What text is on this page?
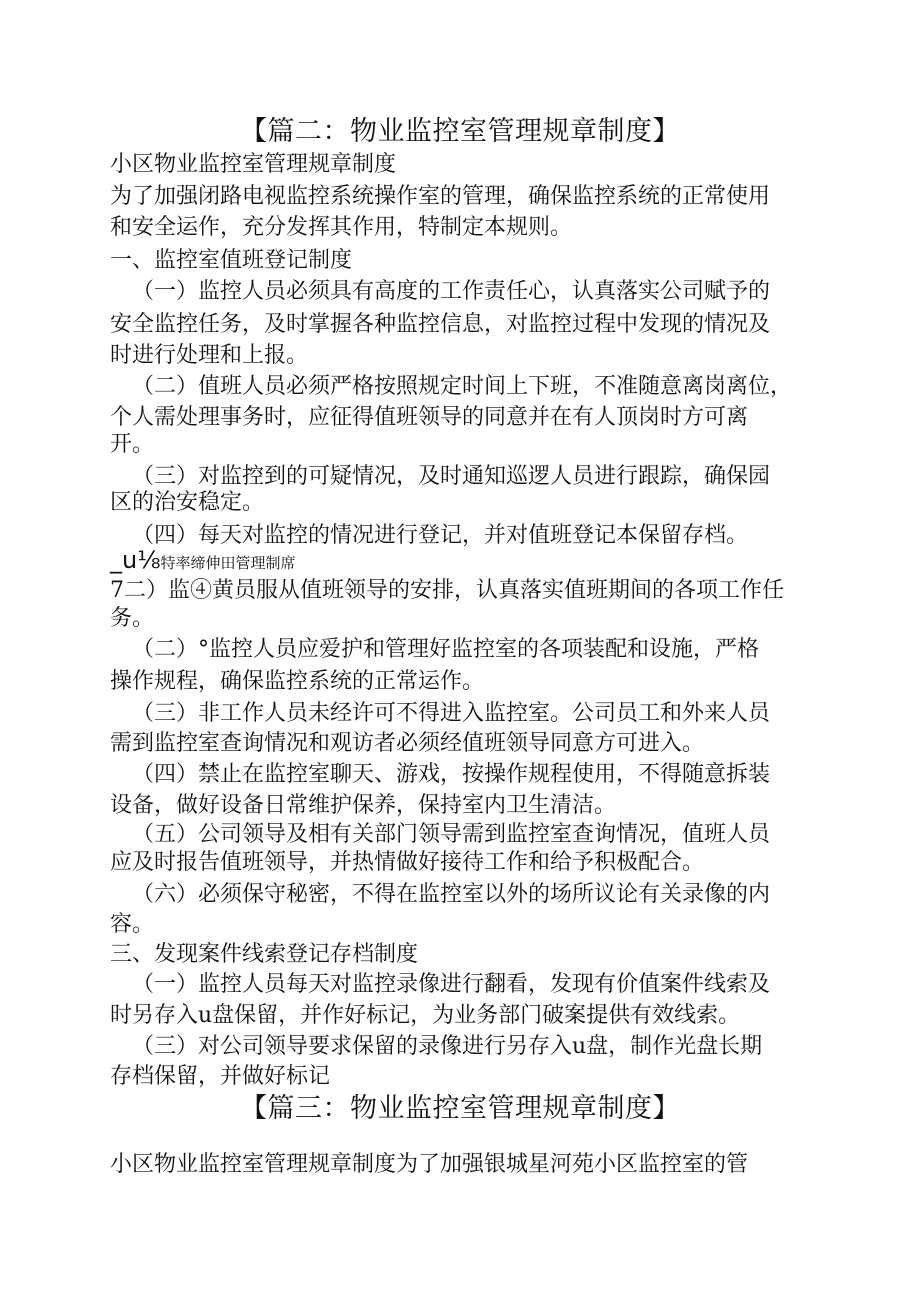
【篇二：物业监控室管理规章制度】
小区物业监控室管理规章制度
为了加强闭路电视监控系统操作室的管理，确保监控系统的正常使用
和安全运作，充分发挥其作用，特制定本规则。
一、监控室值班登记制度
（一）监控人员必须具有高度的工作责任心，认真落实公司赋予的
安全监控任务，及时掌握各种监控信息，对监控过程中发现的情况及
时进行处理和上报。
（二）值班人员必须严格按照规定时间上下班，不准随意离岗离位，
个人需处理事务时，应征得值班领导的同意并在有人顶岗时方可离
开。
（三）对监控到的可疑情况，及时通知巡逻人员进行跟踪，确保园
区的治安稳定。
（四）每天对监控的情况进行登记，并对值班登记本保留存档。
_u⅛特率缔伸田管理制席
7二）监④黄员服从值班领导的安排，认真落实值班期间的各项工作任
务。
（二）°监控人员应爱护和管理好监控室的各项装配和设施，严格
操作规程，确保监控系统的正常运作。
（三）非工作人员未经许可不得进入监控室。公司员工和外来人员
需到监控室查询情况和观访者必须经值班领导同意方可进入。
（四）禁止在监控室聊天、游戏，按操作规程使用，不得随意拆装
设备，做好设备日常维护保养，保持室内卫生清洁。
（五）公司领导及相有关部门领导需到监控室查询情况，值班人员
应及时报告值班领导，并热情做好接待工作和给予积极配合。
（六）必须保守秘密，不得在监控室以外的场所议论有关录像的内
容。
三、发现案件线索登记存档制度
（一）监控人员每天对监控录像进行翻看，发现有价值案件线索及
时另存入u盘保留，并作好标记，为业务部门破案提供有效线索。
（三）对公司领导要求保留的录像进行另存入u盘，制作光盘长期
存档保留，并做好标记
【篇三：物业监控室管理规章制度】
小区物业监控室管理规章制度为了加强银城星河苑小区监控室的管
